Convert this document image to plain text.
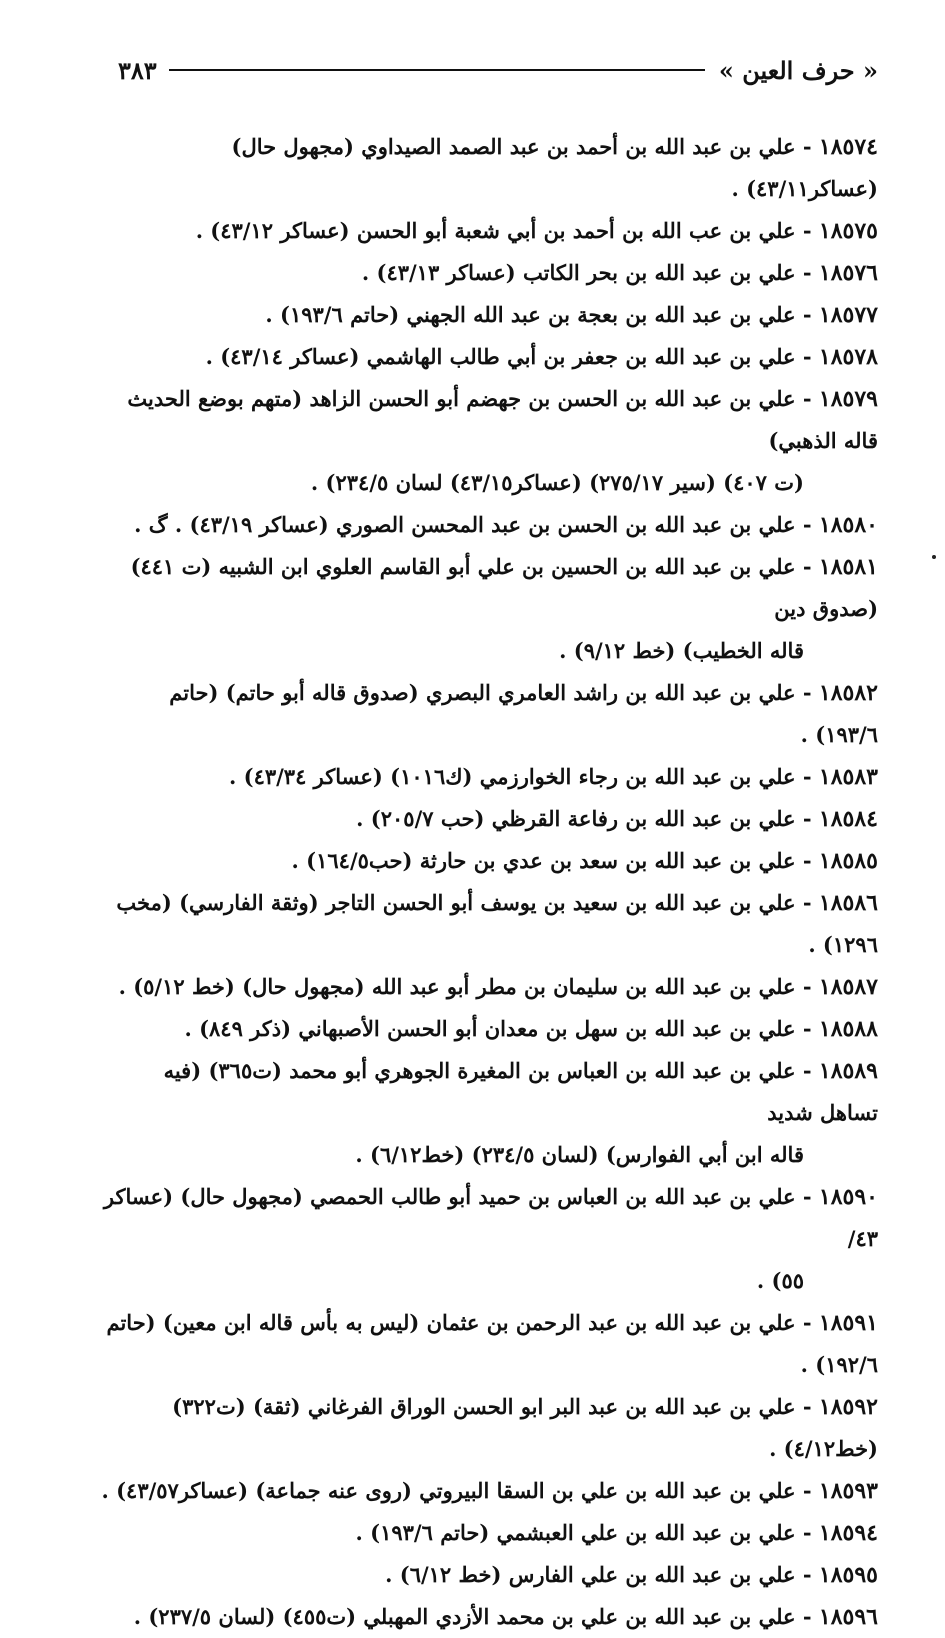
« حرف العين »
٣٨٣
١٨٥٧٤ - علي بن عبد الله بن أحمد بن عبد الصمد الصيداوي (مجهول حال) (عساكر٤٣/١١) .
١٨٥٧٥ - علي بن عب الله بن أحمد بن أبي شعبة أبو الحسن (عساكر ٤٣/١٢) .
١٨٥٧٦ - علي بن عبد الله بن بحر الكاتب (عساكر ٤٣/١٣) .
١٨٥٧٧ - علي بن عبد الله بن بعجة بن عبد الله الجهني (حاتم ١٩٣/٦) .
١٨٥٧٨ - علي بن عبد الله بن جعفر بن أبي طالب الهاشمي (عساكر ٤٣/١٤) .
١٨٥٧٩ - علي بن عبد الله بن الحسن بن جهضم أبو الحسن الزاهد (متهم بوضع الحديث قاله الذهبي)
(ت ٤٠٧) (سير ٢٧٥/١٧) (عساكر٤٣/١٥) لسان ٢٣٤/٥) .
١٨٥٨٠ - علي بن عبد الله بن الحسن بن عبد المحسن الصوري (عساكر ٤٣/١٩) . گ .
١٨٥٨١ - علي بن عبد الله بن الحسين بن علي أبو القاسم العلوي ابن الشبيه (ت ٤٤١) (صدوق دين
قاله الخطيب) (خط ٩/١٢) .
١٨٥٨٢ - علي بن عبد الله بن راشد العامري البصري (صدوق قاله أبو حاتم) (حاتم ١٩٣/٦) .
١٨٥٨٣ - علي بن عبد الله بن رجاء الخوارزمي (ك١٠١٦) (عساكر ٤٣/٣٤) .
١٨٥٨٤ - علي بن عبد الله بن رفاعة القرظي (حب ٢٠٥/٧) .
١٨٥٨٥ - علي بن عبد الله بن سعد بن عدي بن حارثة (حب١٦٤/٥) .
١٨٥٨٦ - علي بن عبد الله بن سعيد بن يوسف أبو الحسن التاجر (وثقة الفارسي) (مخب ١٢٩٦) .
١٨٥٨٧ - علي بن عبد الله بن سليمان بن مطر أبو عبد الله (مجهول حال) (خط ٥/١٢) .
١٨٥٨٨ - علي بن عبد الله بن سهل بن معدان أبو الحسن الأصبهاني (ذكر ٨٤٩) .
١٨٥٨٩ - علي بن عبد الله بن العباس بن المغيرة الجوهري أبو محمد (ت٣٦٥) (فيه تساهل شديد
قاله ابن أبي الفوارس) (لسان ٢٣٤/٥) (خط٦/١٢) .
١٨٥٩٠ - علي بن عبد الله بن العباس بن حميد أبو طالب الحمصي (مجهول حال) (عساكر ٤٣/
٥٥) .
١٨٥٩١ - علي بن عبد الله بن عبد الرحمن بن عثمان (ليس به بأس قاله ابن معين) (حاتم ١٩٢/٦) .
١٨٥٩٢ - علي بن عبد الله بن عبد البر ابو الحسن الوراق الفرغاني (ثقة) (ت٣٢٢) (خط٤/١٢) .
١٨٥٩٣ - علي بن عبد الله بن علي بن السقا البيروتي (روى عنه جماعة) (عساكر٤٣/٥٧) .
١٨٥٩٤ - علي بن عبد الله بن علي العبشمي (حاتم ١٩٣/٦) .
١٨٥٩٥ - علي بن عبد الله بن علي الفارس (خط ٦/١٢) .
١٨٥٩٦ - علي بن عبد الله بن علي بن محمد الأزدي المهبلي (ت٤٥٥) (لسان ٢٣٧/٥) .
